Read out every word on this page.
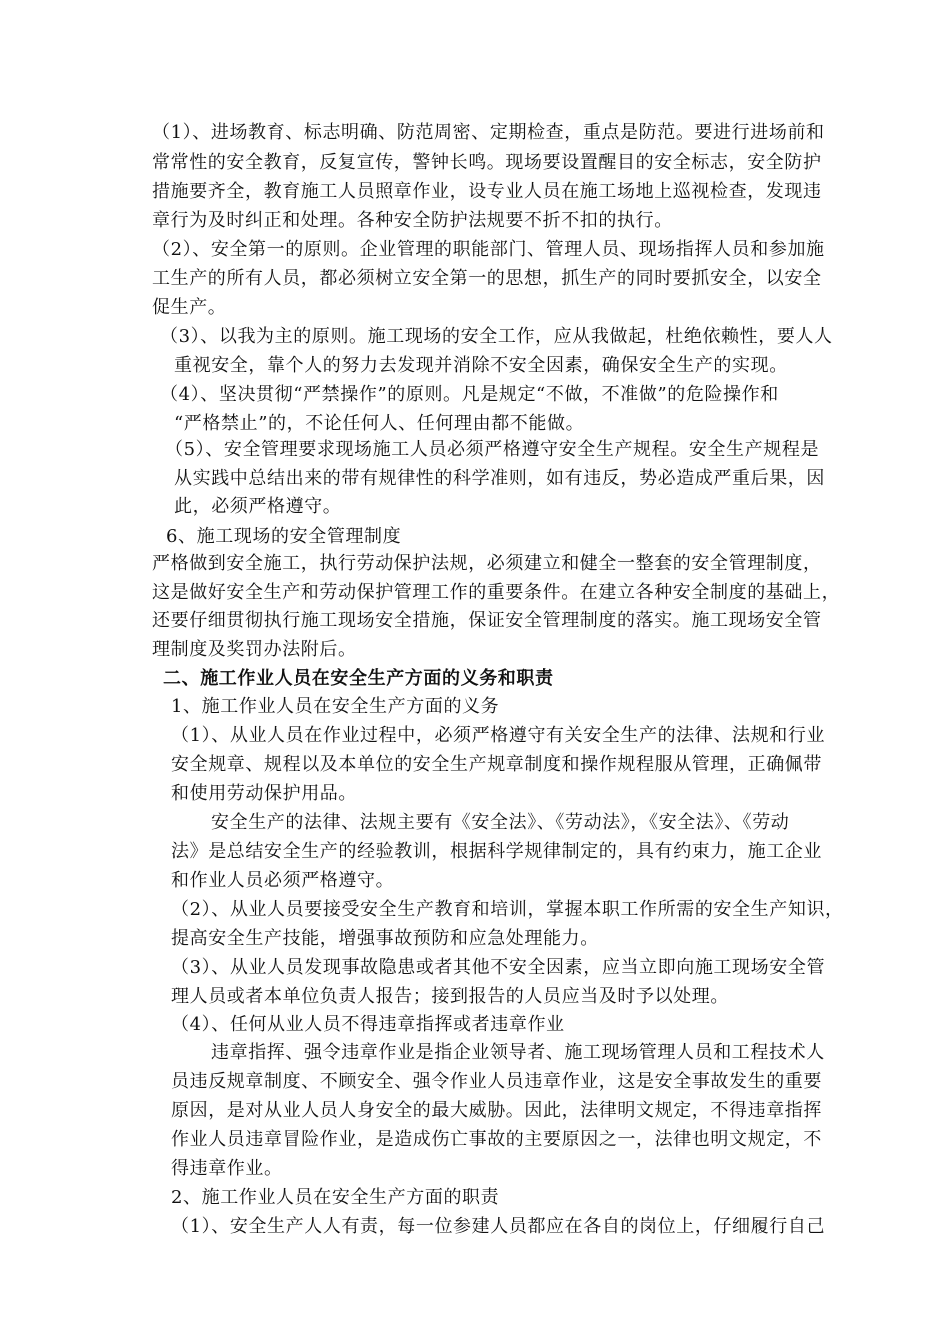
（1）、进场教育、标志明确、防范周密、定期检查，重点是防范。要进行进场前和
常常性的安全教育，反复宣传，警钟长鸣。现场要设置醒目的安全标志，安全防护
措施要齐全，教育施工人员照章作业，设专业人员在施工场地上巡视检查，发现违
章行为及时纠正和处理。各种安全防护法规要不折不扣的执行。
（2）、安全第一的原则。企业管理的职能部门、管理人员、现场指挥人员和参加施
工生产的所有人员，都必须树立安全第一的思想，抓生产的同时要抓安全，以安全
促生产。
（3）、以我为主的原则。施工现场的安全工作，应从我做起，杜绝依赖性，要人人
重视安全，靠个人的努力去发现并消除不安全因素，确保安全生产的实现。
（4）、坚决贯彻“严禁操作”的原则。凡是规定“不做，不准做”的危险操作和
“严格禁止”的，不论任何人、任何理由都不能做。
（5）、安全管理要求现场施工人员必须严格遵守安全生产规程。安全生产规程是
从实践中总结出来的带有规律性的科学准则，如有违反，势必造成严重后果，因
此，必须严格遵守。
6、施工现场的安全管理制度
严格做到安全施工，执行劳动保护法规，必须建立和健全一整套的安全管理制度，
这是做好安全生产和劳动保护管理工作的重要条件。在建立各种安全制度的基础上，
还要仔细贯彻执行施工现场安全措施，保证安全管理制度的落实。施工现场安全管
理制度及奖罚办法附后。
二、施工作业人员在安全生产方面的义务和职责
1、施工作业人员在安全生产方面的义务
（1）、从业人员在作业过程中，必须严格遵守有关安全生产的法律、法规和行业
安全规章、规程以及本单位的安全生产规章制度和操作规程服从管理，正确佩带
和使用劳动保护用品。
安全生产的法律、法规主要有《安全法》、《劳动法》，《安全法》、《劳动
法》是总结安全生产的经验教训，根据科学规律制定的，具有约束力，施工企业
和作业人员必须严格遵守。
（2）、从业人员要接受安全生产教育和培训，掌握本职工作所需的安全生产知识，
提高安全生产技能，增强事故预防和应急处理能力。
（3）、从业人员发现事故隐患或者其他不安全因素，应当立即向施工现场安全管
理人员或者本单位负责人报告；接到报告的人员应当及时予以处理。
（4）、任何从业人员不得违章指挥或者违章作业
违章指挥、强令违章作业是指企业领导者、施工现场管理人员和工程技术人
员违反规章制度、不顾安全、强令作业人员违章作业，这是安全事故发生的重要
原因，是对从业人员人身安全的最大威胁。因此，法律明文规定，不得违章指挥
作业人员违章冒险作业，是造成伤亡事故的主要原因之一，法律也明文规定，不
得违章作业。
2、施工作业人员在安全生产方面的职责
（1）、安全生产人人有责，每一位参建人员都应在各自的岗位上，仔细履行自己
